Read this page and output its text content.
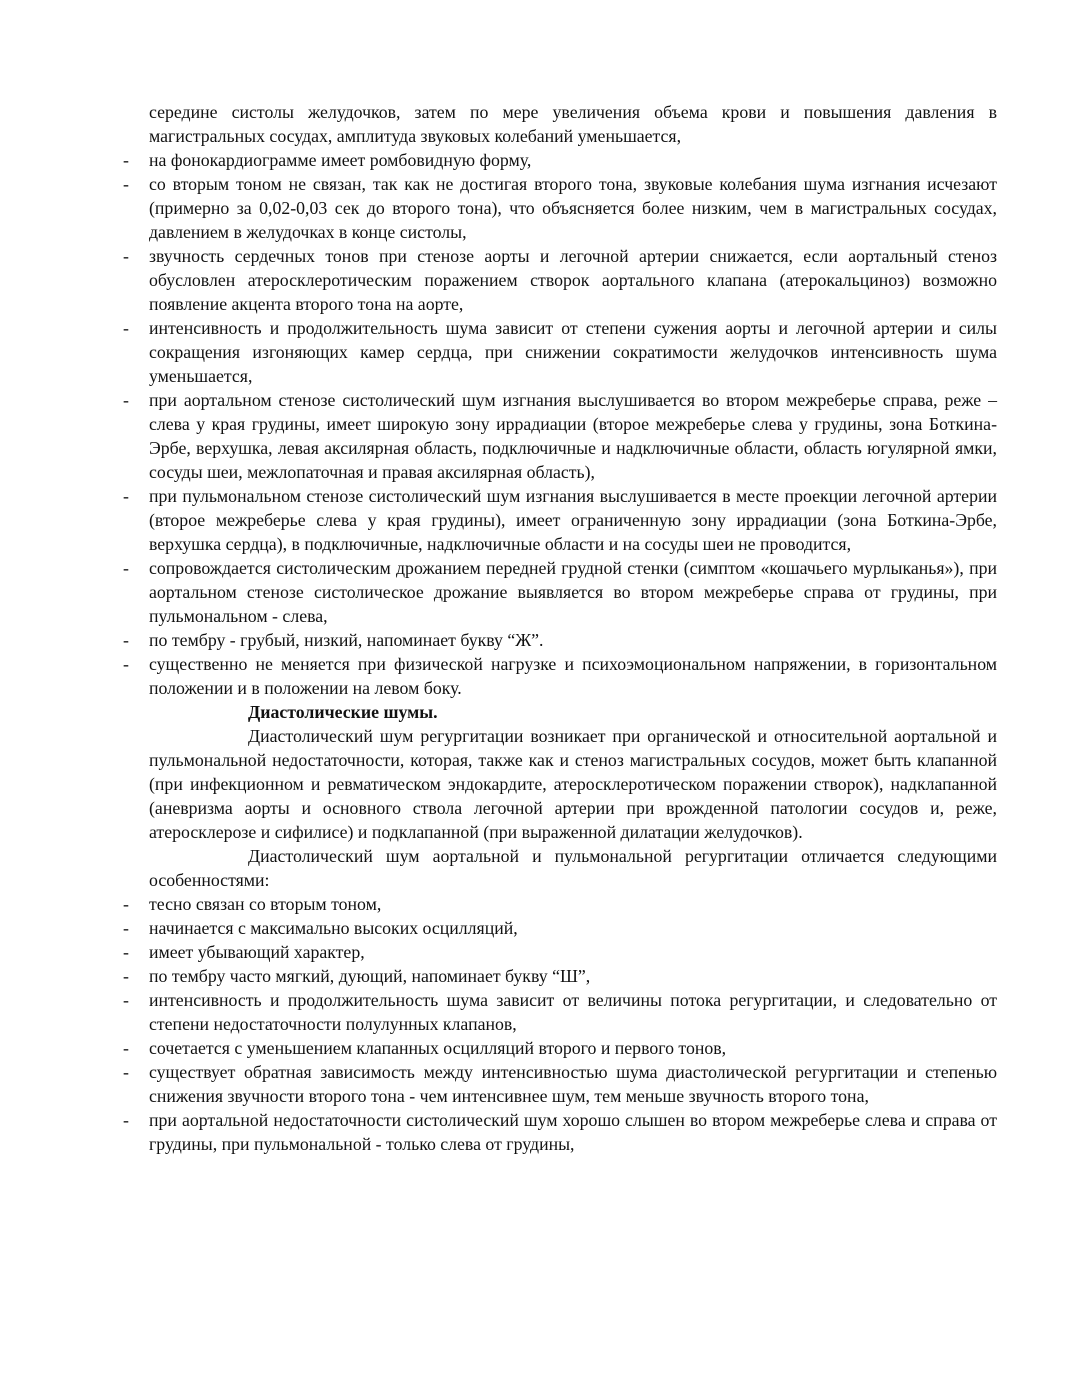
середине систолы желудочков, затем по мере увеличения объема крови и повышения давления в магистральных сосудах, амплитуда звуковых колебаний уменьшается,

- на фонокардиограмме имеет ромбовидную форму,

- со вторым тоном не связан, так как не достигая второго тона, звуковые колебания шума изгнания исчезают (примерно за 0,02-0,03 сек до второго тона), что объясняется более низким, чем в магистральных сосудах, давлением в желудочках в конце систолы,

- звучность сердечных тонов при стенозе аорты и легочной артерии снижается, если аортальный стеноз обусловлен атеросклеротическим поражением створок аортального клапана (атерокальциноз) возможно появление акцента второго тона на аорте,

- интенсивность и продолжительность шума зависит от степени сужения аорты и легочной артерии и силы сокращения изгоняющих камер сердца, при снижении сократимости желудочков интенсивность шума уменьшается,

- при аортальном стенозе систолический шум изгнания выслушивается во втором межреберье справа, реже – слева у края грудины, имеет широкую зону иррадиации (второе межреберье слева у грудины, зона Боткина-Эрбе, верхушка, левая аксилярная область, подключичные и надключичные области, область югулярной ямки, сосуды шеи, межлопаточная и правая аксилярная область),

- при пульмональном стенозе систолический шум изгнания выслушивается в месте проекции легочной артерии (второе межреберье слева у края грудины), имеет ограниченную зону иррадиации (зона Боткина-Эрбе, верхушка сердца), в подключичные, надключичные области и на сосуды шеи не проводится,

- сопровождается систолическим дрожанием передней грудной стенки (симптом «кошачьего мурлыканья»), при аортальном стенозе систолическое дрожание выявляется во втором межреберье справа от грудины, при пульмональном - слева,

- по тембру - грубый, низкий, напоминает букву “Ж”.

- существенно не меняется при физической нагрузке и психоэмоциональном напряжении, в горизонтальном положении и в положении на левом боку.

Диастолические шумы.

Диастолический шум регургитации возникает при органической и относительной аортальной и пульмональной недостаточности, которая, также как и стеноз магистральных сосудов, может быть клапанной (при инфекционном и ревматическом эндокардите, атеросклеротическом поражении створок), надклапанной (аневризма аорты и основного ствола легочной артерии при врожденной патологии сосудов и, реже, атеросклерозе и сифилисе) и подклапанной (при выраженной дилатации желудочков).

Диастолический шум аортальной и пульмональной регургитации отличается следующими особенностями:

- тесно связан со вторым тоном,

- начинается с максимально высоких осцилляций,

- имеет убывающий характер,

- по тембру часто мягкий, дующий, напоминает букву “Ш”,

- интенсивность и продолжительность шума зависит от величины потока регургитации, и следовательно от степени недостаточности полулунных клапанов,

- сочетается с уменьшением клапанных осцилляций второго и первого тонов,

- существует обратная зависимость между интенсивностью шума диастолической регургитации и степенью снижения звучности второго тона - чем интенсивнее шум, тем меньше звучность второго тона,

- при аортальной недостаточности систолический шум хорошо слышен во втором межреберье слева и справа от грудины, при пульмональной - только слева от грудины,
